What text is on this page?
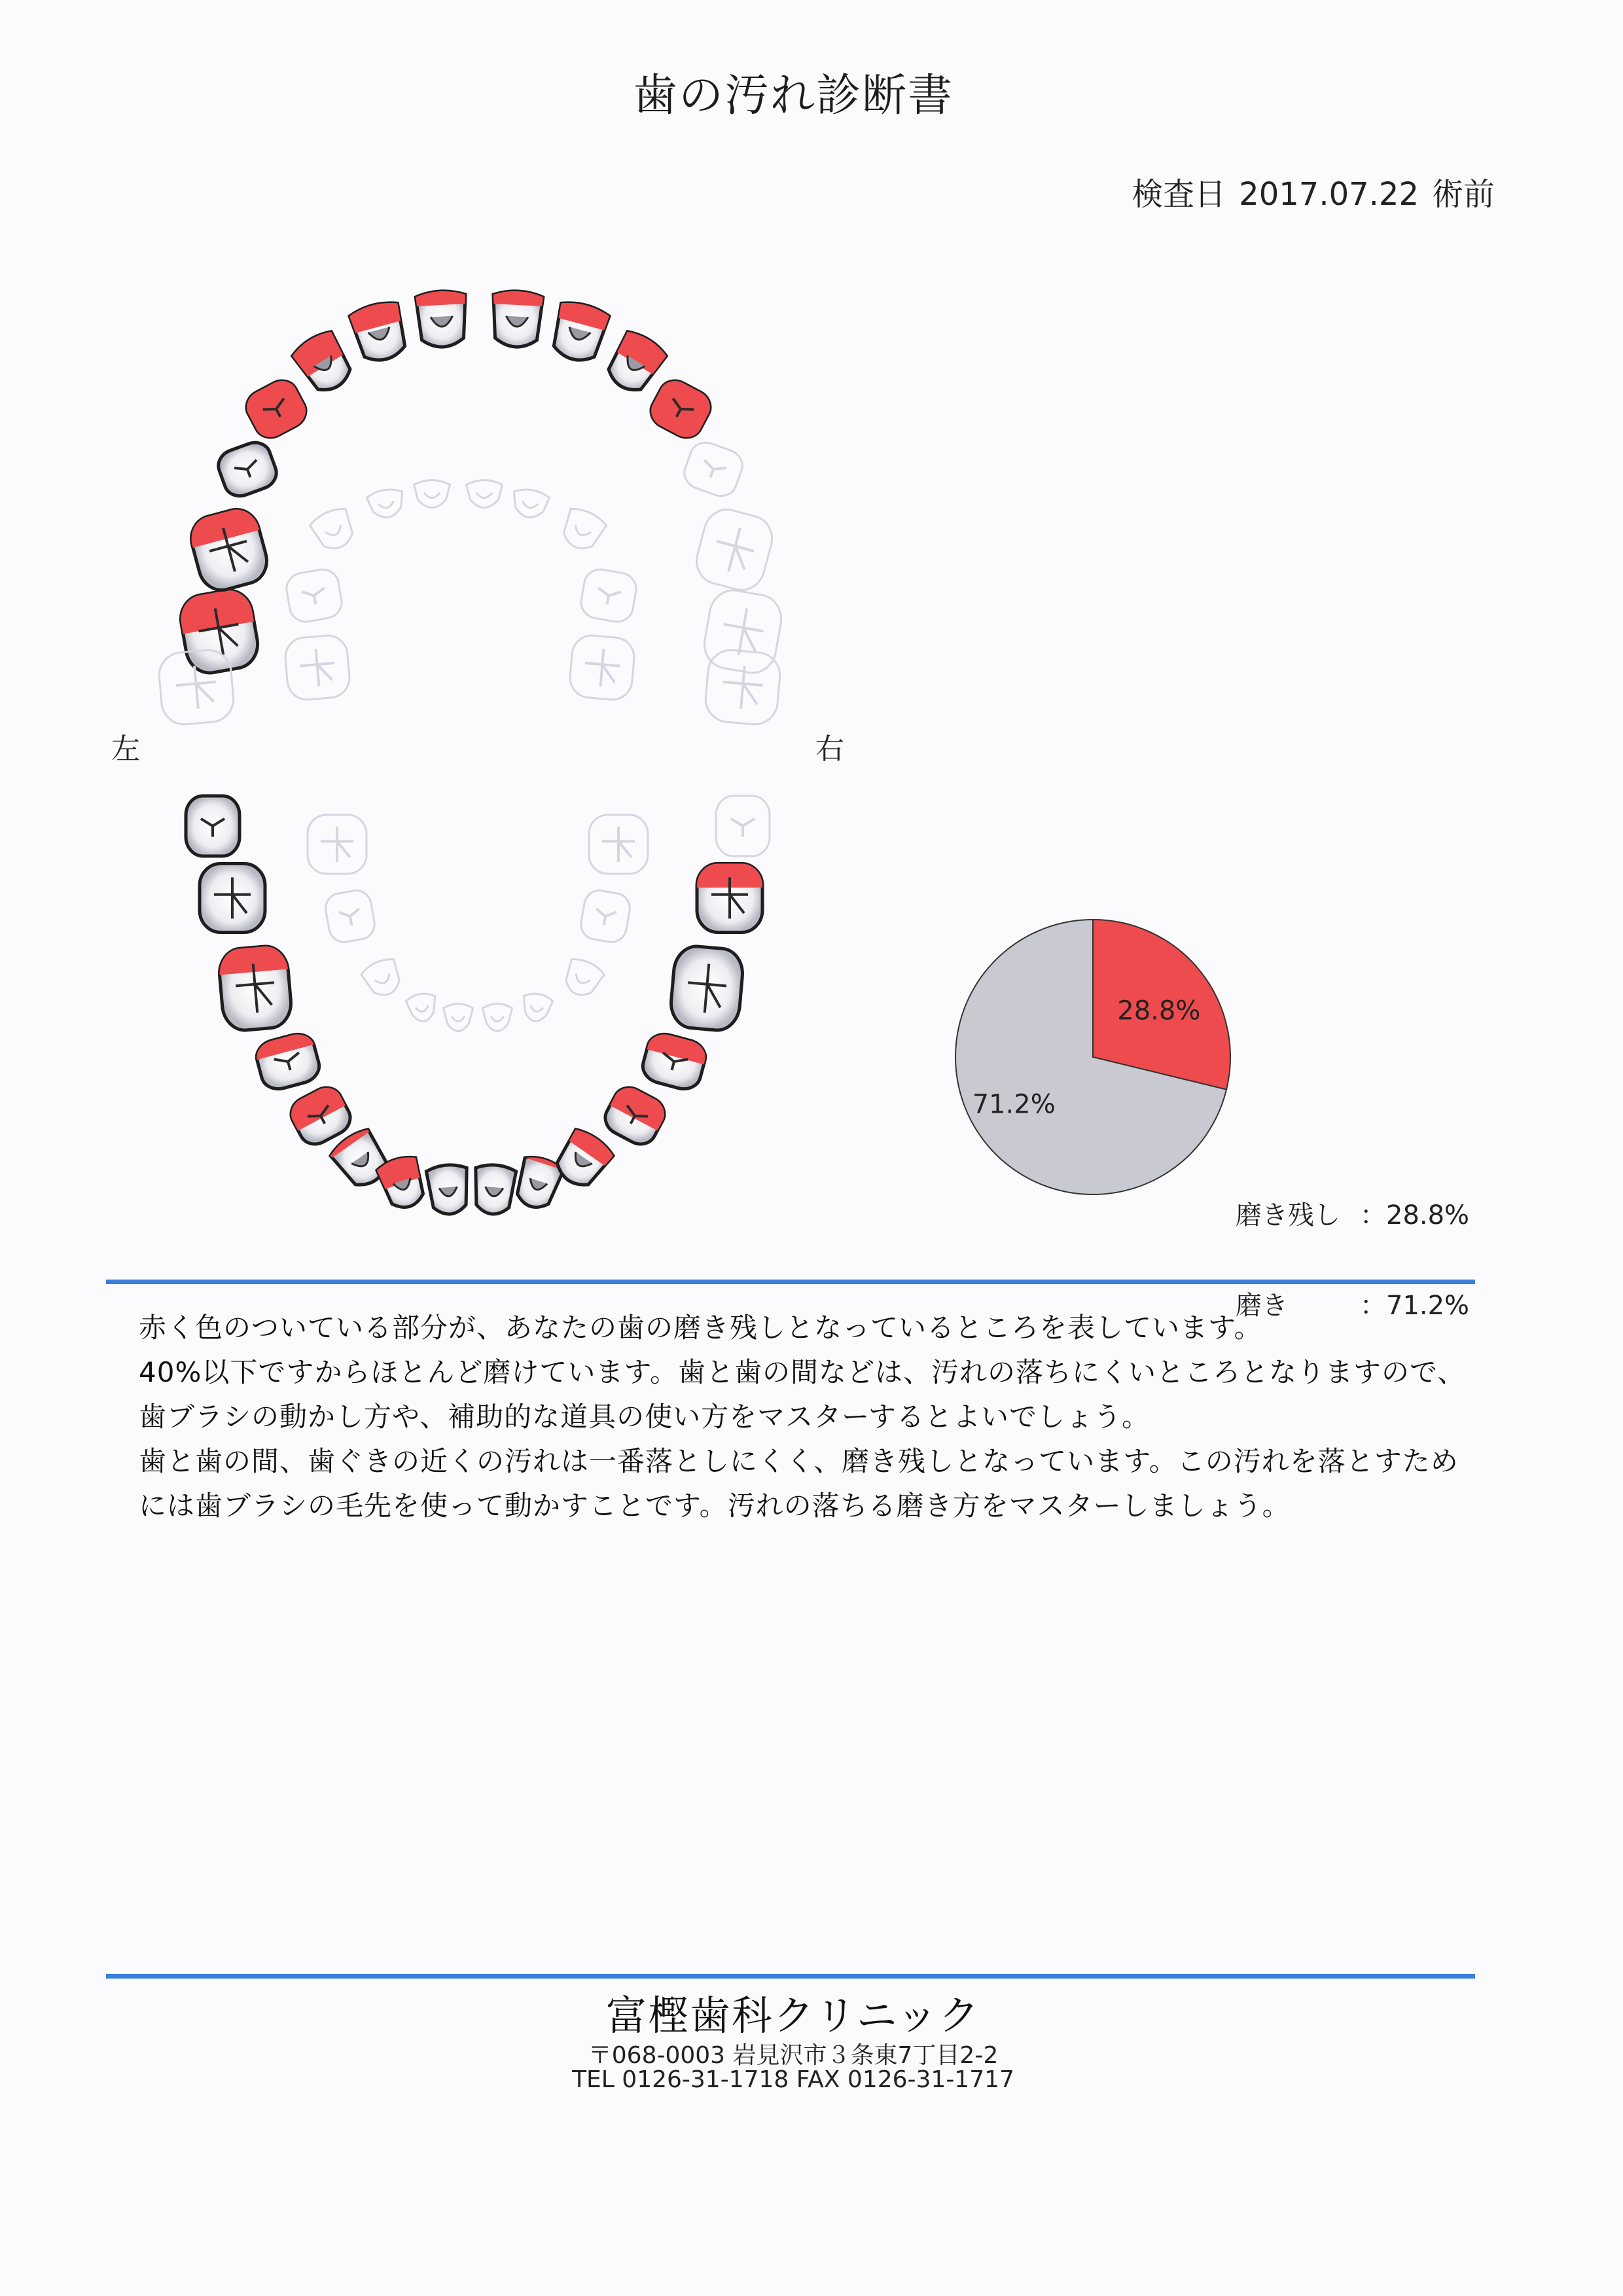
歯の汚れ診断書
検査日 2017.07.22 術前
左	右
28.8%
71.2%

磨き残し ：28.8%

磨き	：71.2%

赤く色のついている部分が、あなたの歯の磨き残しとなっているところを表しています。

40%以下ですからほとんど磨けています。歯と歯の間などは、汚れの落ちにくいところとなりますので、歯ブラシの動かし方や、補助的な道具の使い方をマスターするとよいでしょう。

歯と歯の間、歯ぐきの近くの汚れは一番落としにくく、磨き残しとなっています。この汚れを落とすためには歯ブラシの毛先を使って動かすことです。汚れの落ちる磨き方をマスターしましょう。

富樫歯科クリニック
〒068-0003 岩見沢市３条東7丁目2-2
TEL 0126-31-1718 FAX 0126-31-1717
